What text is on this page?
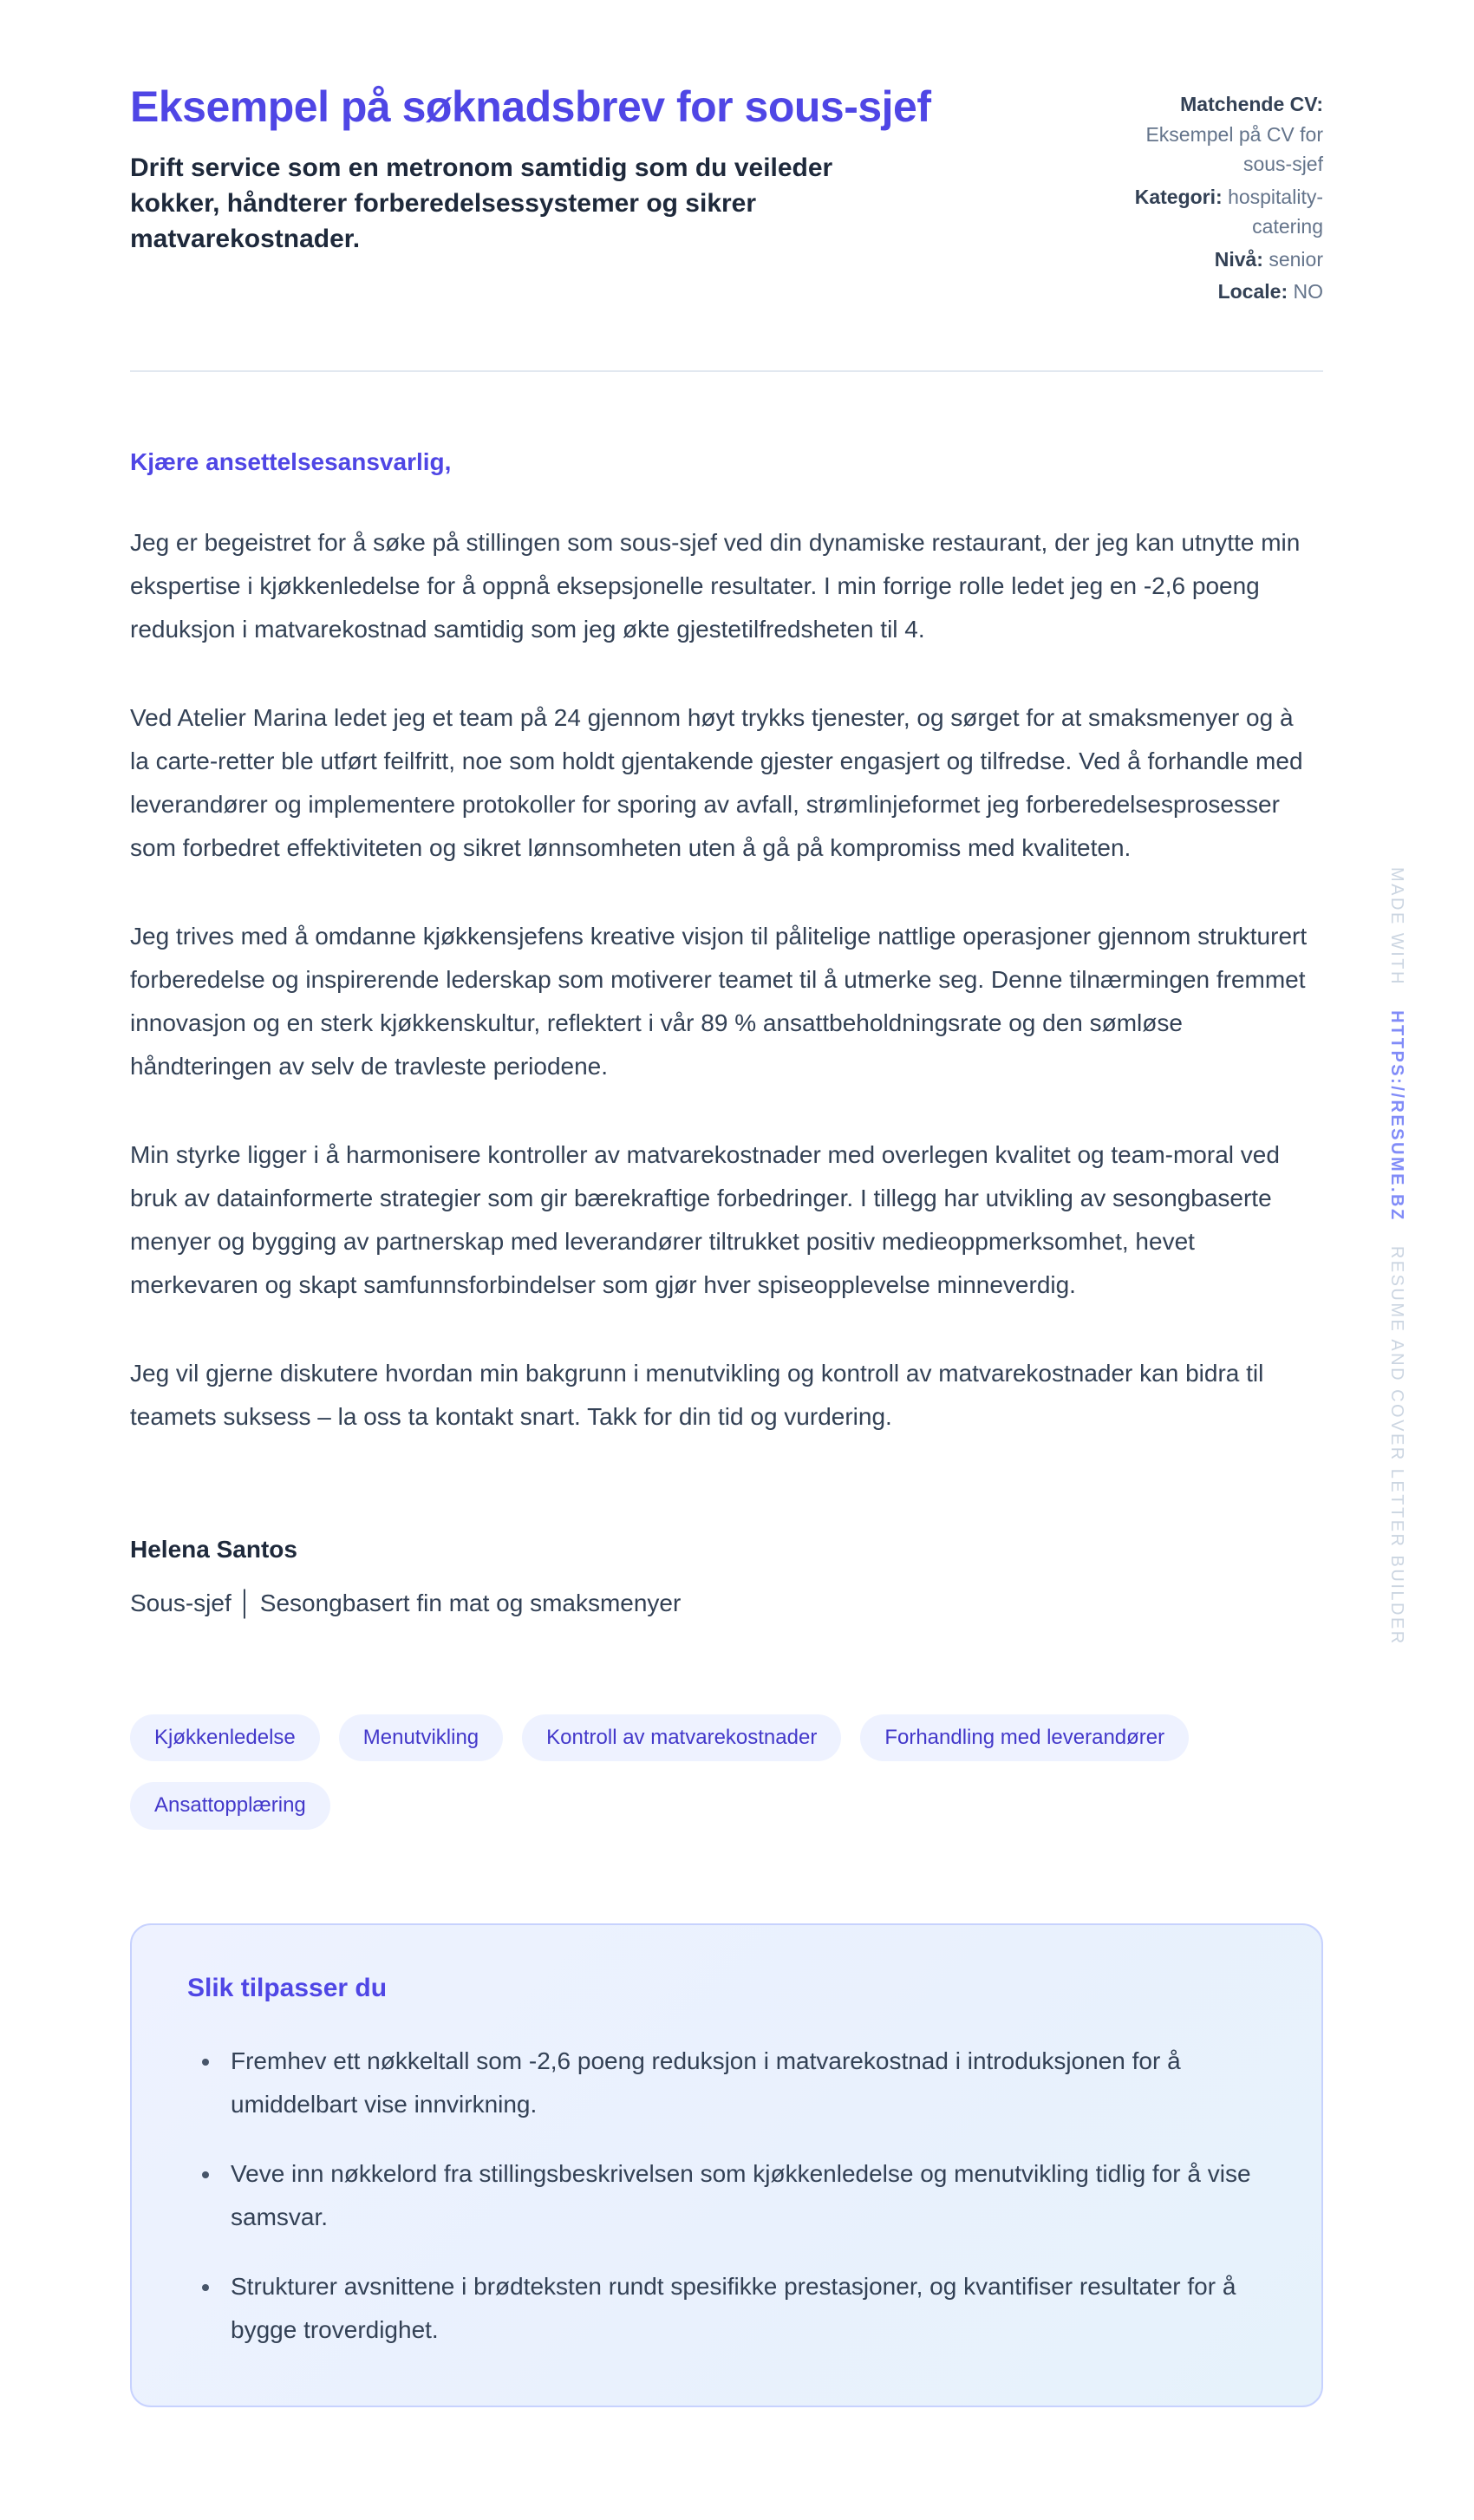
Eksempel på søknadsbrev for sous-sjef

Drift service som en metronom samtidig som du veileder kokker, håndterer forberedelsessystemer og sikrer matvarekostnader.

Matchende CV: Eksempel på CV for sous-sjef
Kategori: hospitality-catering
Nivå: senior
Locale: NO
Kjære ansettelsesansvarlig,

Jeg er begeistret for å søke på stillingen som sous-sjef ved din dynamiske restaurant, der jeg kan utnytte min ekspertise i kjøkkenledelse for å oppnå eksepsjonelle resultater. I min forrige rolle ledet jeg en -2,6 poeng reduksjon i matvarekostnad samtidig som jeg økte gjestetilfredsheten til 4.

Ved Atelier Marina ledet jeg et team på 24 gjennom høyt trykks tjenester, og sørget for at smaksmenyer og à la carte-retter ble utført feilfritt, noe som holdt gjentakende gjester engasjert og tilfredse. Ved å forhandle med leverandører og implementere protokoller for sporing av avfall, strømlinjeformet jeg forberedelsesprosesser som forbedret effektiviteten og sikret lønnsomheten uten å gå på kompromiss med kvaliteten.

Jeg trives med å omdanne kjøkkensjefens kreative visjon til pålitelige nattlige operasjoner gjennom strukturert forberedelse og inspirerende lederskap som motiverer teamet til å utmerke seg. Denne tilnærmingen fremmet innovasjon og en sterk kjøkkenskultur, reflektert i vår 89 % ansattbeholdningsrate og den sømløse håndteringen av selv de travleste periodene.

Min styrke ligger i å harmonisere kontroller av matvarekostnader med overlegen kvalitet og team-moral ved bruk av datainformerte strategier som gir bærekraftige forbedringer. I tillegg har utvikling av sesongbaserte menyer og bygging av partnerskap med leverandører tiltrukket positiv medieoppmerksomhet, hevet merkevaren og skapt samfunnsforbindelser som gjør hver spiseopplevelse minneverdig.

Jeg vil gjerne diskutere hvordan min bakgrunn i menutvikling og kontroll av matvarekostnader kan bidra til teamets suksess – la oss ta kontakt snart. Takk for din tid og vurdering.

Helena Santos
Sous-sjef │ Sesongbasert fin mat og smaksmenyer
Kjøkkenledelse	Menutvikling	Kontroll av matvarekostnader	Forhandling med leverandører
Ansattopplæring
Slik tilpasser du
• Fremhev ett nøkkeltall som -2,6 poeng reduksjon i matvarekostnad i introduksjonen for å umiddelbart vise innvirkning.
• Veve inn nøkkelord fra stillingsbeskrivelsen som kjøkkenledelse og menutvikling tidlig for å vise samsvar.
• Strukturer avsnittene i brødteksten rundt spesifikke prestasjoner, og kvantifiser resultater for å bygge troverdighet.
MADE WITH  HTTPS://RESUME.BZ  RESUME AND COVER LETTER BUILDER
